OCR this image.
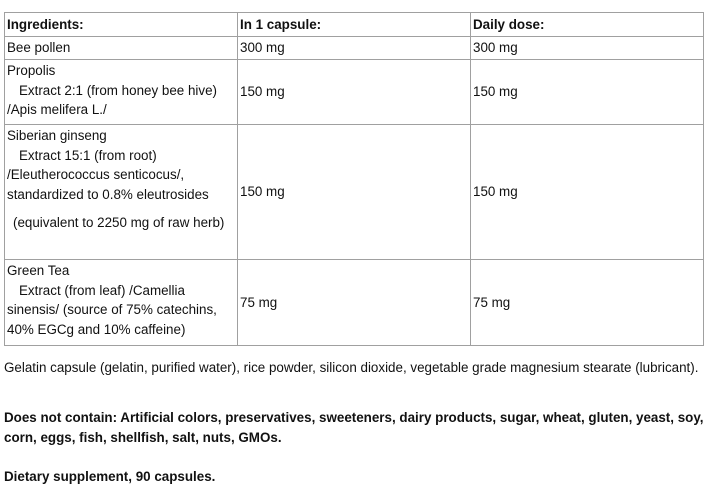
Ingredients:	In 1 capsule:	Daily dose:

Bee pollen	300 mg	300 mg

Propolis
Extract 2:1 (from honey bee hive) /Apis melifera L./	150 mg	150 mg

Siberian ginseng
Extract 15:1 (from root) /Eleutherococcus senticocus/, standardized to 0.8% eleutrosides
(equivalent to 2250 mg of raw herb)	150 mg	150 mg

Green Tea
Extract (from leaf) /Camellia sinensis/ (source of 75% catechins, 40% EGCg and 10% caffeine)	75 mg	75 mg

Gelatin capsule (gelatin, purified water), rice powder, silicon dioxide, vegetable grade magnesium stearate (lubricant).

Does not contain: Artificial colors, preservatives, sweeteners, dairy products, sugar, wheat, gluten, yeast, soy, corn, eggs, fish, shellfish, salt, nuts, GMOs.

Dietary supplement, 90 capsules.
